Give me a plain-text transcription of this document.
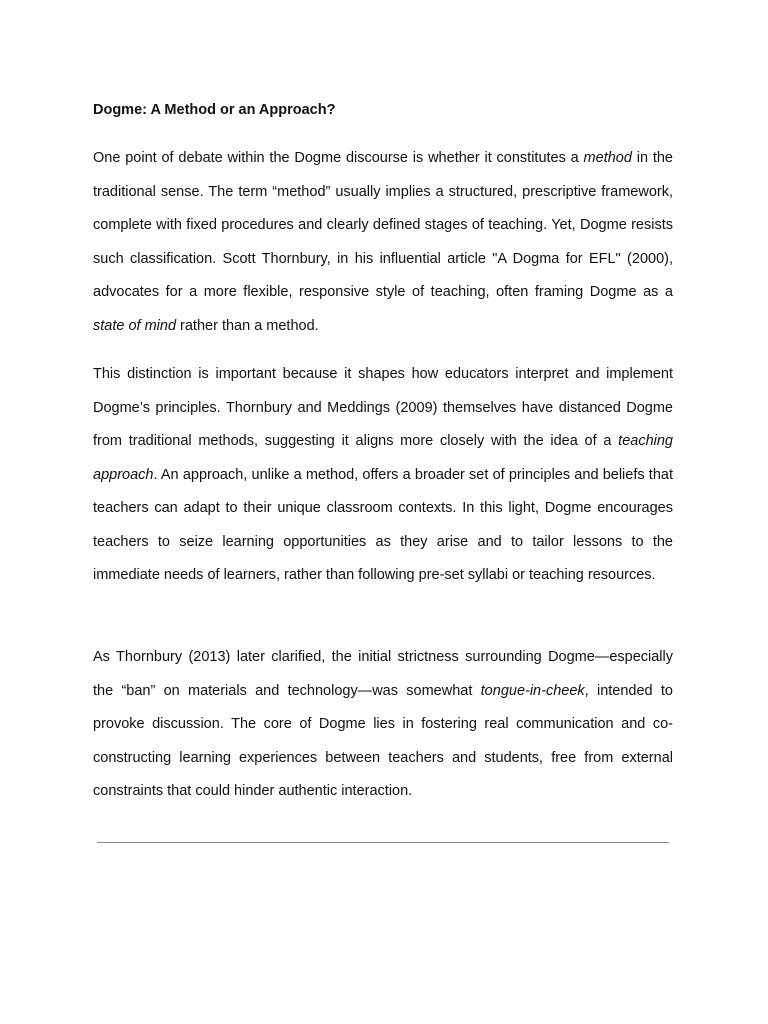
Dogme: A Method or an Approach?

One point of debate within the Dogme discourse is whether it constitutes a method in the traditional sense. The term “method” usually implies a structured, prescriptive framework, complete with fixed procedures and clearly defined stages of teaching. Yet, Dogme resists such classification. Scott Thornbury, in his influential article "A Dogma for EFL" (2000), advocates for a more flexible, responsive style of teaching, often framing Dogme as a state of mind rather than a method.

This distinction is important because it shapes how educators interpret and implement Dogme’s principles. Thornbury and Meddings (2009) themselves have distanced Dogme from traditional methods, suggesting it aligns more closely with the idea of a teaching approach. An approach, unlike a method, offers a broader set of principles and beliefs that teachers can adapt to their unique classroom contexts. In this light, Dogme encourages teachers to seize learning opportunities as they arise and to tailor lessons to the immediate needs of learners, rather than following pre-set syllabi or teaching resources.

As Thornbury (2013) later clarified, the initial strictness surrounding Dogme—especially the “ban” on materials and technology—was somewhat tongue-in-cheek, intended to provoke discussion. The core of Dogme lies in fostering real communication and co-constructing learning experiences between teachers and students, free from external constraints that could hinder authentic interaction.
